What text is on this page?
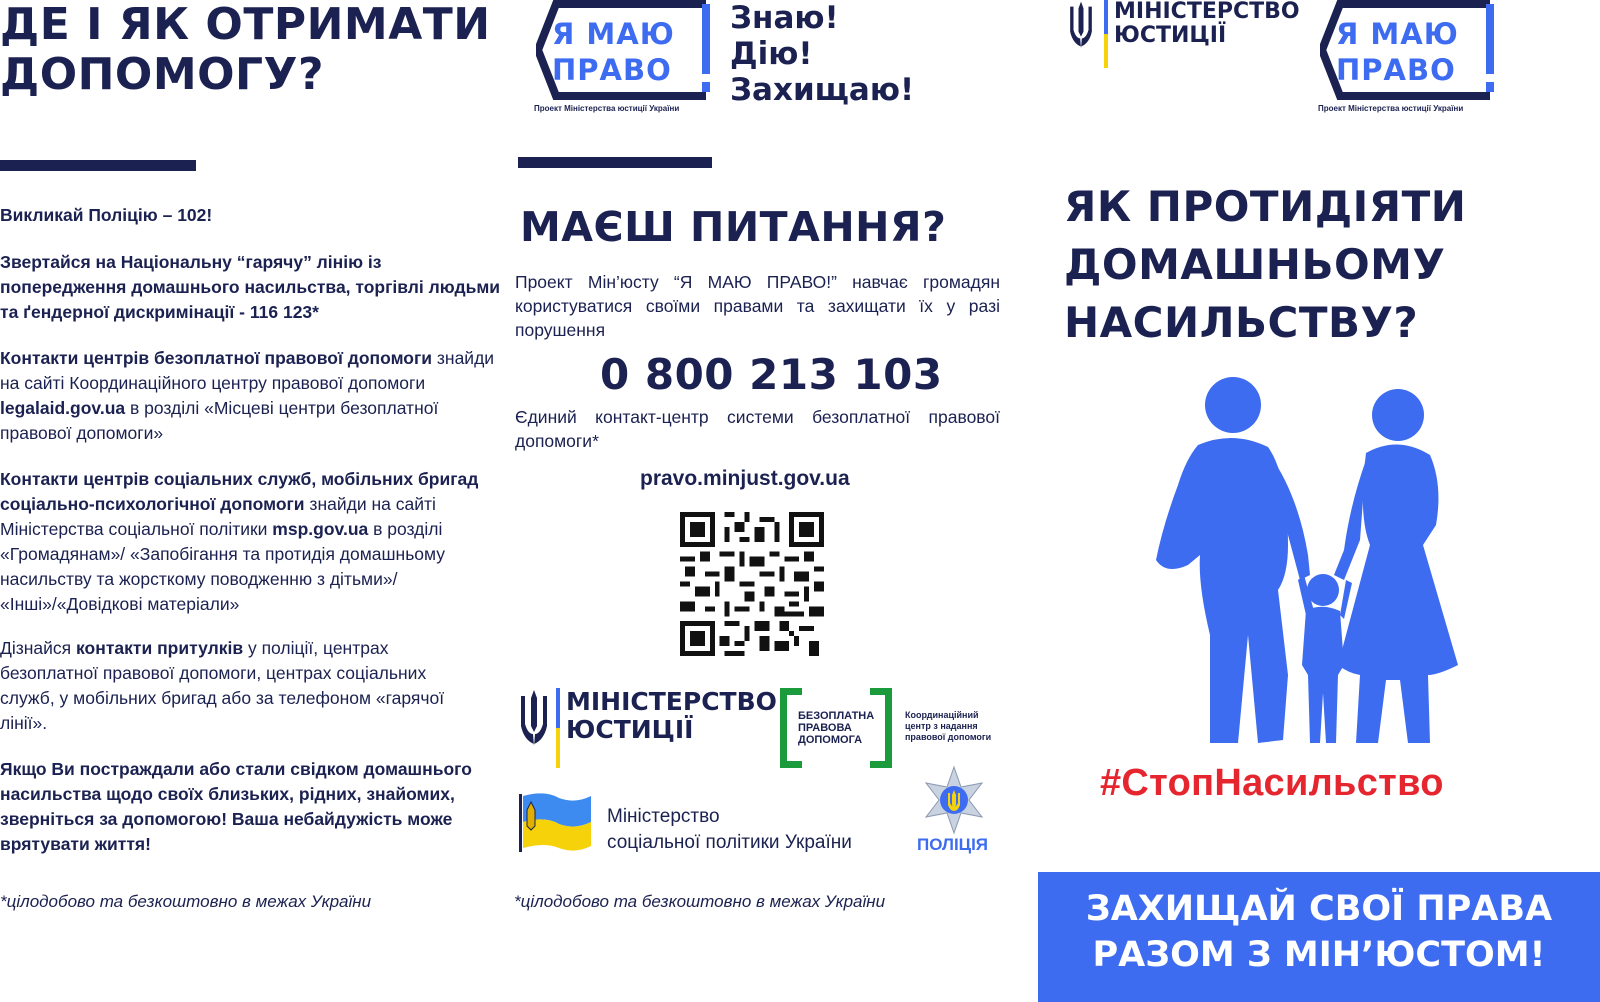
ДЕ І ЯК ОТРИМАТИ
ДОПОМОГУ?
Викликай Поліцію – 102!
Звертайся на Національну “гарячу” лінію із попередження домашнього насильства, торгівлі людьми та ґендерної дискримінації - 116 123*
Контакти центрів безоплатної правової допомоги знайди на сайті Координаційного центру правової допомоги legalaid.gov.ua в розділі «Місцеві центри безоплатної правової допомоги»
Контакти центрів соціальних служб, мобільних бригад соціально-психологічної допомоги знайди на сайті Міністерства соціальної політики msp.gov.ua в розділі «Громадянам»/ «Запобігання та протидія домашньому насильству та жорсткому поводженню з дітьми»/ «Інші»/«Довідкові матеріали»
Дізнайся контакти притулків у поліції, центрах безоплатної правової допомоги, центрах соціальних служб, у мобільних бригад або за телефоном «гарячої лінії».
Якщо Ви постраждали або стали свідком домашнього насильства щодо своїх близьких, рідних, знайомих, зверніться за допомогою! Ваша небайдужість може врятувати життя!
*цілодобово та безкоштовно в межах України
Я МАЮ
ПРАВО
Проект Міністерства юстиції України
Знаю!
Дію!
Захищаю!
МАЄШ ПИТАННЯ?
Проект Мін’юсту “Я МАЮ ПРАВО!” навчає громадян користуватися своїми правами та захищати їх у разі порушення
0 800 213 103
Єдиний контакт-центр системи безоплатної правової допомоги*
pravo.minjust.gov.ua
МІНІСТЕРСТВО
ЮСТИЦІЇ	БЕЗОПЛАТНА
ПРАВОВА
ДОПОМОГА
Координаційний
центр з надання
правової допомоги
Міністерство
соціальної політики України	ПОЛІЦІЯ
*цілодобово та безкоштовно в межах України
МІНІСТЕРСТВО
ЮСТИЦІЇ	Я МАЮ
ПРАВО
Проект Міністерства юстиції України
ЯК ПРОТИДІЯТИ
ДОМАШНЬОМУ
НАСИЛЬСТВУ?
#СтопНасильство
ЗАХИЩАЙ СВОЇ ПРАВА
РАЗОМ З МІН’ЮСТОМ!
